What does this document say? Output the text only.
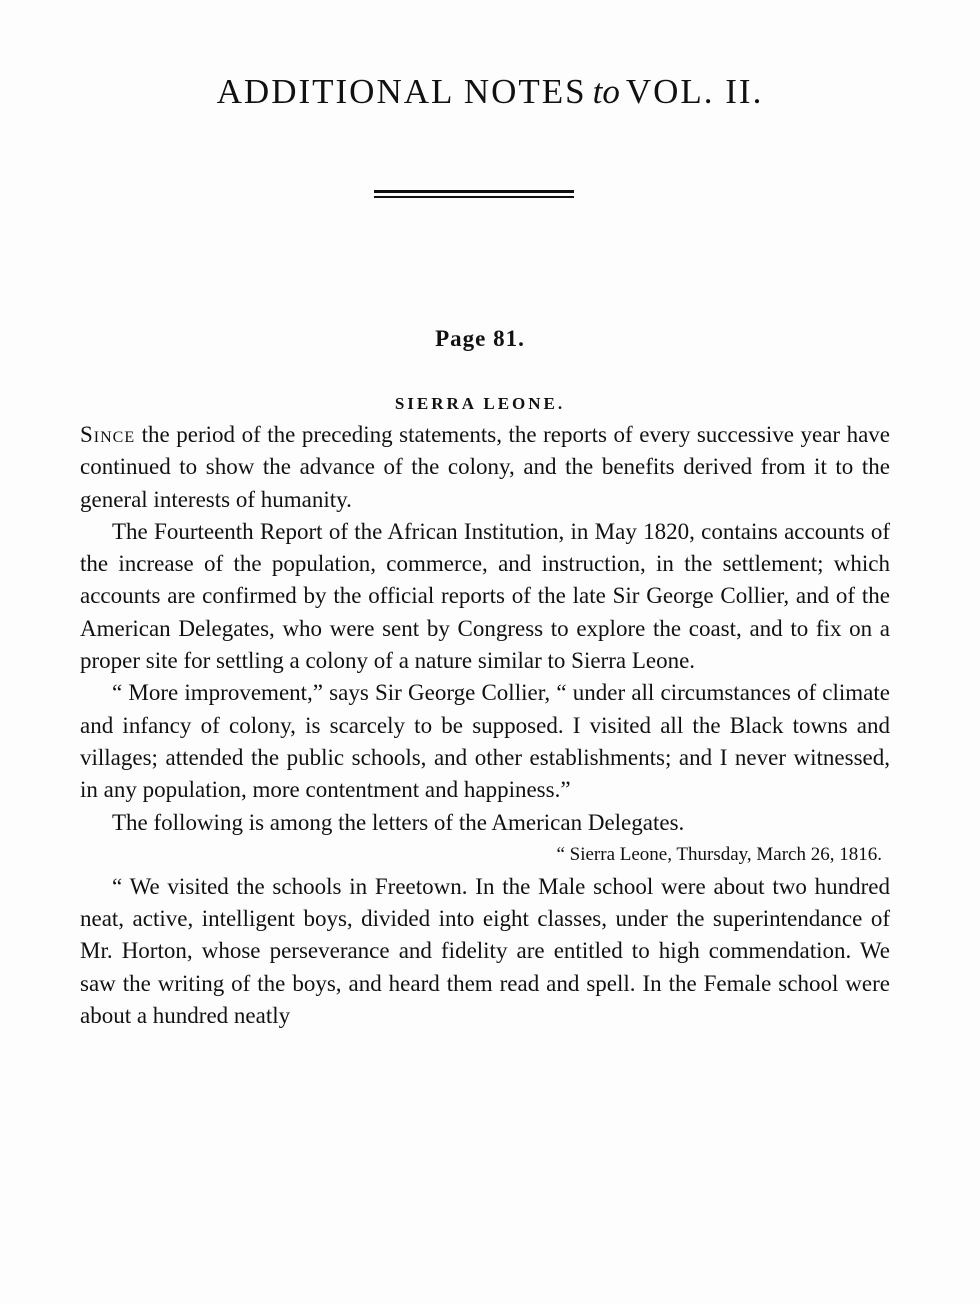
ADDITIONAL NOTES to VOL. II.

Page 81.

SIERRA LEONE.

Since the period of the preceding statements, the reports of every successive year have continued to show the advance of the colony, and the benefits derived from it to the general interests of humanity.

The Fourteenth Report of the African Institution, in May 1820, contains accounts of the increase of the population, commerce, and instruction, in the settlement; which accounts are confirmed by the official reports of the late Sir George Collier, and of the American Delegates, who were sent by Congress to explore the coast, and to fix on a proper site for settling a colony of a nature similar to Sierra Leone.

“ More improvement,” says Sir George Collier, “ under all circumstances of climate and infancy of colony, is scarcely to be supposed. I visited all the Black towns and villages; attended the public schools, and other establishments; and I never witnessed, in any population, more contentment and happiness.”

The following is among the letters of the American Delegates.

“ Sierra Leone, Thursday, March 26, 1816.

“ We visited the schools in Freetown. In the Male school were about two hundred neat, active, intelligent boys, divided into eight classes, under the superintendance of Mr. Horton, whose perseverance and fidelity are entitled to high commendation. We saw the writing of the boys, and heard them read and spell. In the Female school were about a hundred neatly
